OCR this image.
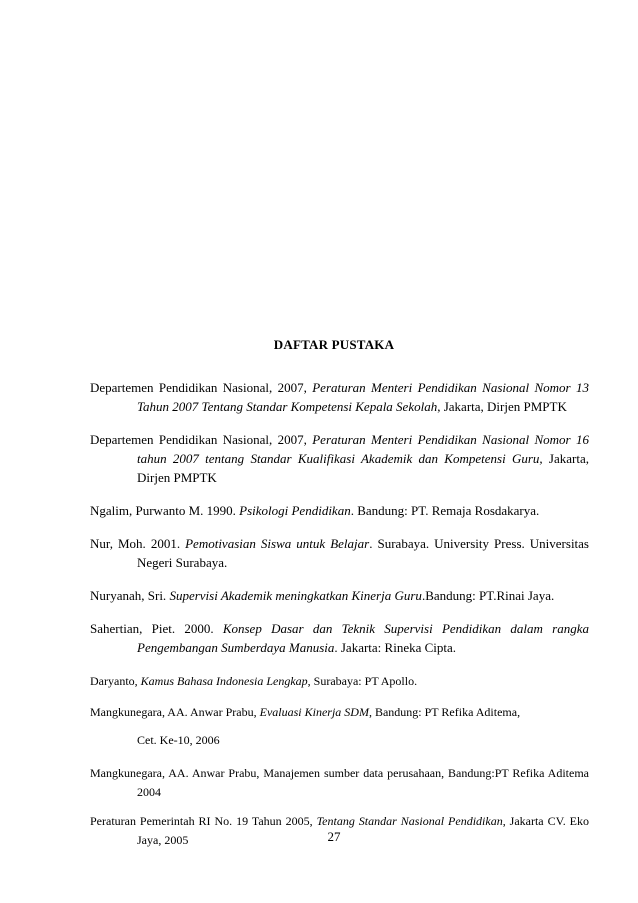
DAFTAR PUSTAKA

Departemen Pendidikan Nasional, 2007, Peraturan Menteri Pendidikan Nasional Nomor 13 Tahun 2007 Tentang Standar Kompetensi Kepala Sekolah, Jakarta, Dirjen PMPTK

Departemen Pendidikan Nasional, 2007, Peraturan Menteri Pendidikan Nasional Nomor 16 tahun 2007 tentang Standar Kualifikasi Akademik dan Kompetensi Guru, Jakarta, Dirjen PMPTK

Ngalim, Purwanto M. 1990. Psikologi Pendidikan. Bandung: PT. Remaja Rosdakarya.

Nur, Moh. 2001. Pemotivasian Siswa untuk Belajar. Surabaya. University Press. Universitas Negeri Surabaya.

Nuryanah, Sri. Supervisi Akademik meningkatkan Kinerja Guru.Bandung: PT.Rinai Jaya.

Sahertian, Piet. 2000. Konsep Dasar dan Teknik Supervisi Pendidikan dalam rangka Pengembangan Sumberdaya Manusia. Jakarta: Rineka Cipta.

Daryanto, Kamus Bahasa Indonesia Lengkap, Surabaya: PT Apollo.

Mangkunegara, AA. Anwar Prabu, Evaluasi Kinerja SDM, Bandung: PT Refika Aditema,

Cet. Ke-10, 2006

Mangkunegara, AA. Anwar Prabu, Manajemen sumber data perusahaan, Bandung:PT Refika Aditema 2004

Peraturan Pemerintah RI No. 19 Tahun 2005, Tentang Standar Nasional Pendidikan, Jakarta CV. Eko Jaya, 2005	27
